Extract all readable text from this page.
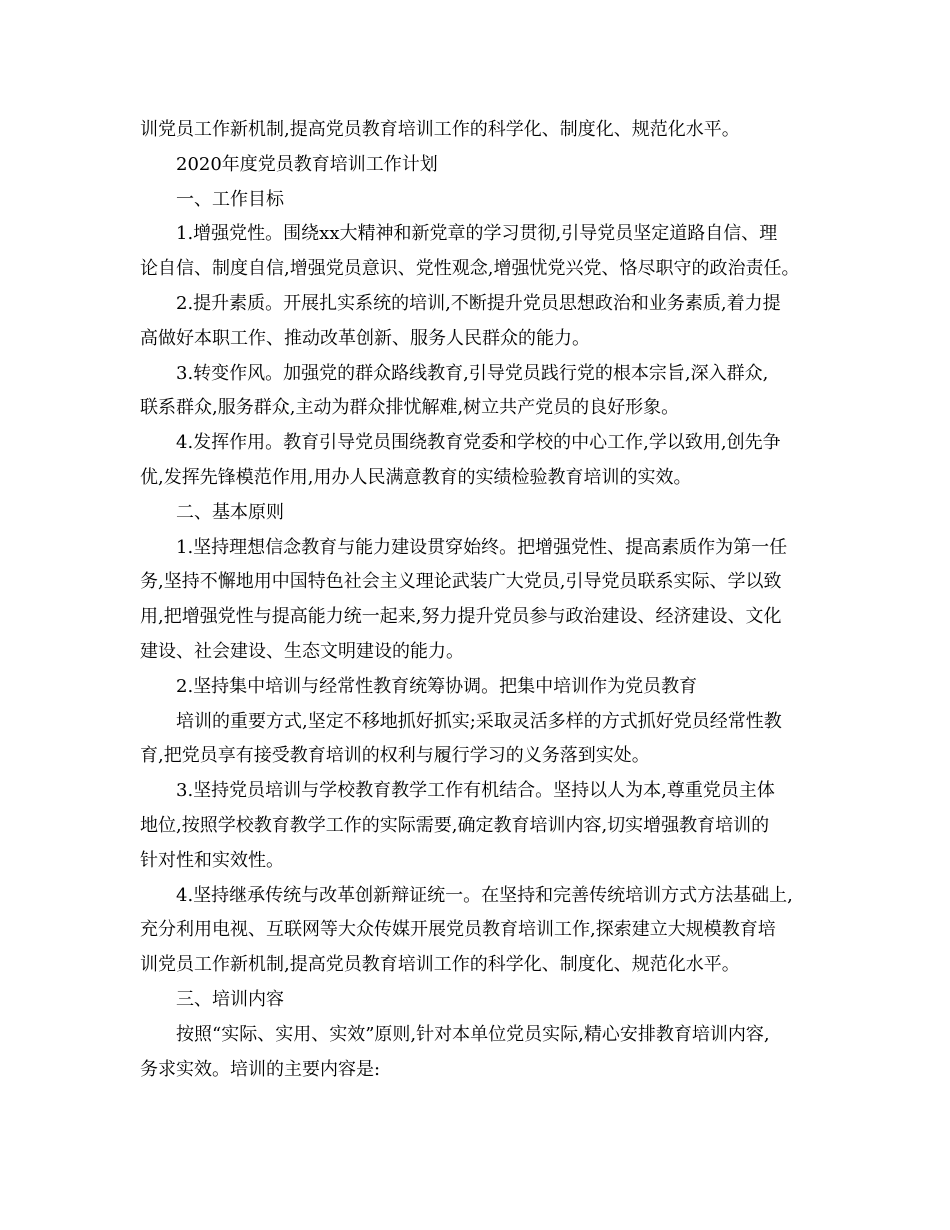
训党员工作新机制,提高党员教育培训工作的科学化、制度化、规范化水平。
2020年度党员教育培训工作计划
一、工作目标
1.增强党性。围绕xx大精神和新党章的学习贯彻,引导党员坚定道路自信、理
论自信、制度自信,增强党员意识、党性观念,增强忧党兴党、恪尽职守的政治责任。
2.提升素质。开展扎实系统的培训,不断提升党员思想政治和业务素质,着力提
高做好本职工作、推动改革创新、服务人民群众的能力。
3.转变作风。加强党的群众路线教育,引导党员践行党的根本宗旨,深入群众,
联系群众,服务群众,主动为群众排忧解难,树立共产党员的良好形象。
4.发挥作用。教育引导党员围绕教育党委和学校的中心工作,学以致用,创先争
优,发挥先锋模范作用,用办人民满意教育的实绩检验教育培训的实效。
二、基本原则
1.坚持理想信念教育与能力建设贯穿始终。把增强党性、提高素质作为第一任
务,坚持不懈地用中国特色社会主义理论武装广大党员,引导党员联系实际、学以致
用,把增强党性与提高能力统一起来,努力提升党员参与政治建设、经济建设、文化
建设、社会建设、生态文明建设的能力。
2.坚持集中培训与经常性教育统筹协调。把集中培训作为党员教育
培训的重要方式,坚定不移地抓好抓实;采取灵活多样的方式抓好党员经常性教
育,把党员享有接受教育培训的权利与履行学习的义务落到实处。
3.坚持党员培训与学校教育教学工作有机结合。坚持以人为本,尊重党员主体
地位,按照学校教育教学工作的实际需要,确定教育培训内容,切实增强教育培训的
针对性和实效性。
4.坚持继承传统与改革创新辩证统一。在坚持和完善传统培训方式方法基础上,
充分利用电视、互联网等大众传媒开展党员教育培训工作,探索建立大规模教育培
训党员工作新机制,提高党员教育培训工作的科学化、制度化、规范化水平。
三、培训内容
按照“实际、实用、实效”原则,针对本单位党员实际,精心安排教育培训内容,
务求实效。培训的主要内容是:
